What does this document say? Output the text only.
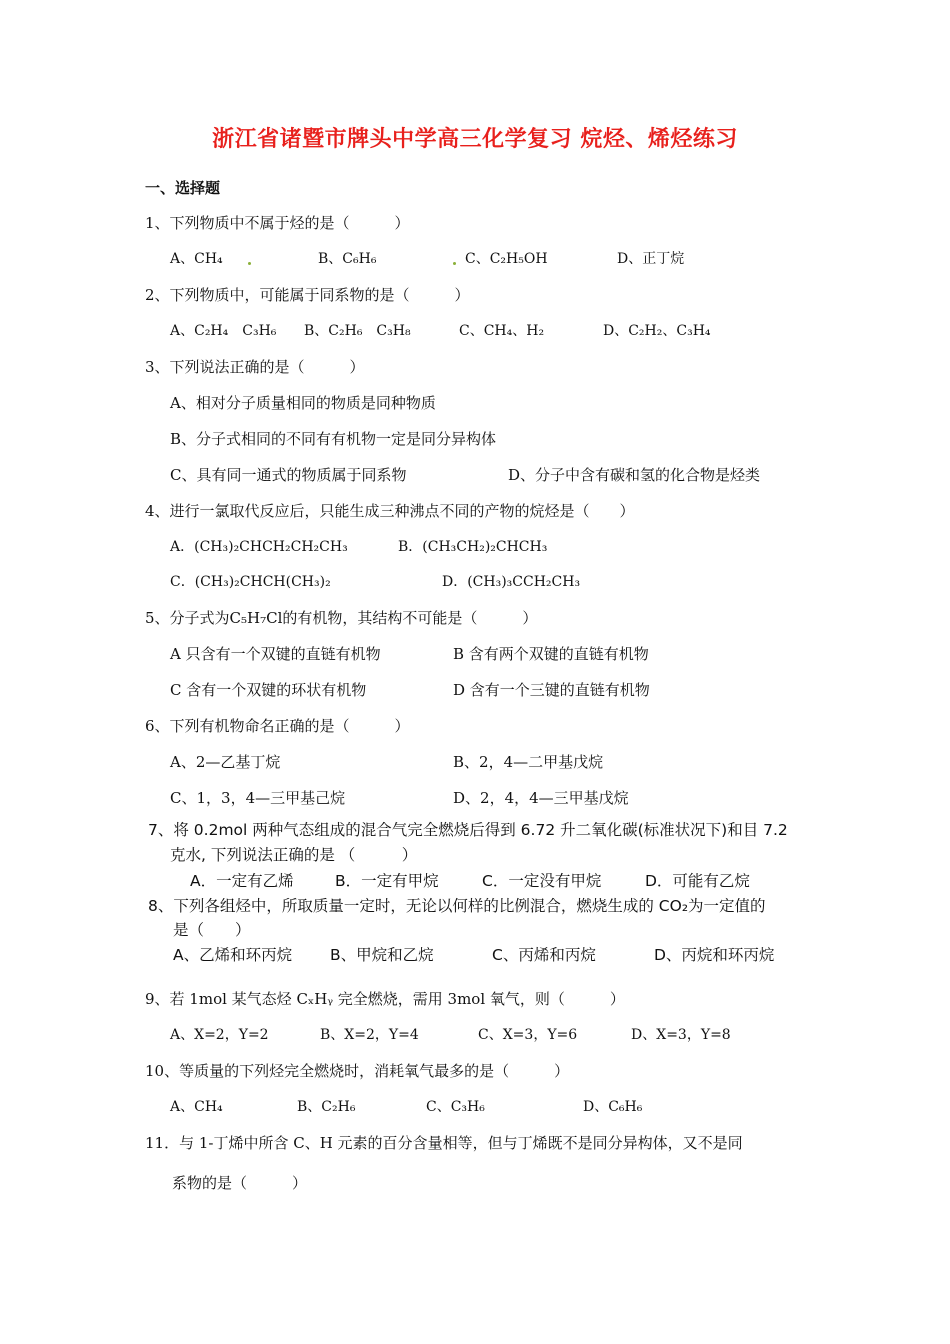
浙江省诸暨市牌头中学高三化学复习 烷烃、烯烃练习
一、选择题
1、下列物质中不属于烃的是（　　　）
A、CH₄	B、C₆H₆	C、C₂H₅OH	D、正丁烷
2、下列物质中，可能属于同系物的是（　　　）
A、C₂H₄　C₃H₆ B、C₂H₆　C₃H₈	C、CH₄、H₂	D、C₂H₂、C₃H₄
3、下列说法正确的是（　　　）
A、相对分子质量相同的物质是同种物质
B、分子式相同的不同有有机物一定是同分异构体
C、具有同一通式的物质属于同系物	D、分子中含有碳和氢的化合物是烃类
4、进行一氯取代反应后，只能生成三种沸点不同的产物的烷烃是（　　）
A．(CH₃)₂CHCH₂CH₂CH₃	B．(CH₃CH₂)₂CHCH₃
C．(CH₃)₂CHCH(CH₃)₂	D．(CH₃)₃CCH₂CH₃
5、分子式为C₅H₇Cl的有机物，其结构不可能是（　　　）
A 只含有一个双键的直链有机物	B 含有两个双键的直链有机物
C 含有一个双键的环状有机物	D 含有一个三键的直链有机物
6、下列有机物命名正确的是（　　　）
A、2—乙基丁烷	B、2，4—二甲基戊烷
C、1，3，4—三甲基己烷	D、2，4，4—三甲基戊烷
7、将 0.2mol 两种气态组成的混合气完全燃烧后得到 6.72 升二氧化碳(标准状况下)和目 7.2
克水, 下列说法正确的是 （　　　）
A．一定有乙烯	B．一定有甲烷	C．一定没有甲烷	D．可能有乙烷
8、下列各组烃中，所取质量一定时，无论以何样的比例混合，燃烧生成的 CO₂为一定值的
是（　　）
A、乙烯和环丙烷 B、甲烷和乙烷	C、丙烯和丙烷	D、丙烷和环丙烷
9、若 1mol 某气态烃 CₓHᵧ 完全燃烧，需用 3mol 氧气，则（　　　）
A、X=2，Y=2	B、X=2，Y=4	C、X=3，Y=6	D、X=3，Y=8
10、等质量的下列烃完全燃烧时，消耗氧气最多的是（　　　）
A、CH₄	B、C₂H₆	C、C₃H₆	D、C₆H₆
11．与 1-丁烯中所含 C、H 元素的百分含量相等，但与丁烯既不是同分异构体，又不是同
系物的是（　　　）
